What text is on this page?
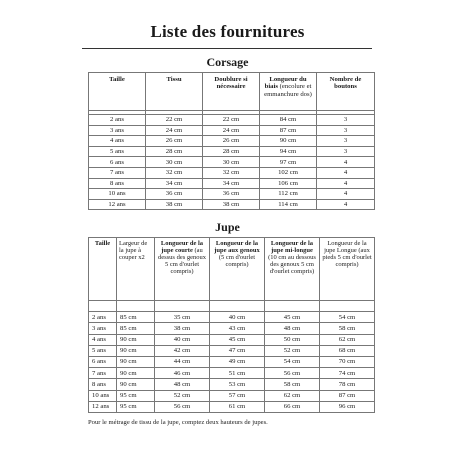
Liste des fournitures
Corsage
Taille	Tissu	Doublure si nécessaire	Longueur du biais (encolure et emmanchure dos)	Nombre de boutons

2 ans	22 cm	22 cm	84 cm	3
3 ans	24 cm	24 cm	87 cm	3
4 ans	26 cm	26 cm	90 cm	3
5 ans	28 cm	28 cm	94 cm	3
6 ans	30 cm	30 cm	97 cm	4
7 ans	32 cm	32 cm	102 cm	4
8 ans	34 cm	34 cm	106 cm	4
10 ans	36 cm	36 cm	112 cm	4
12 ans	38 cm	38 cm	114 cm	4
Jupe
Taille	Largeur de la jupe à couper x2	Longueur de la jupe courte (au dessus des genoux 5 cm d'ourlet compris)	Longueur de la jupe aux genoux (5 cm d'ourlet compris)	Longueur de la jupe mi-longue (10 cm au dessous des genoux 5 cm d'ourlet compris)	Longueur de la jupe Longue (aux pieds 5 cm d'ourlet compris)

2 ans	85 cm	35 cm	40 cm	45 cm	54 cm
3 ans	85 cm	38 cm	43 cm	48 cm	58 cm
4 ans	90 cm	40 cm	45 cm	50 cm	62 cm
5 ans	90 cm	42 cm	47 cm	52 cm	68 cm
6 ans	90 cm	44 cm	49 cm	54 cm	70 cm
7 ans	90 cm	46 cm	51 cm	56 cm	74 cm
8 ans	90 cm	48 cm	53 cm	58 cm	78 cm
10 ans	95 cm	52 cm	57 cm	62 cm	87 cm
12 ans	95 cm	56 cm	61 cm	66 cm	96 cm
Pour le métrage de tissu de la jupe, comptez deux hauteurs de jupes.
